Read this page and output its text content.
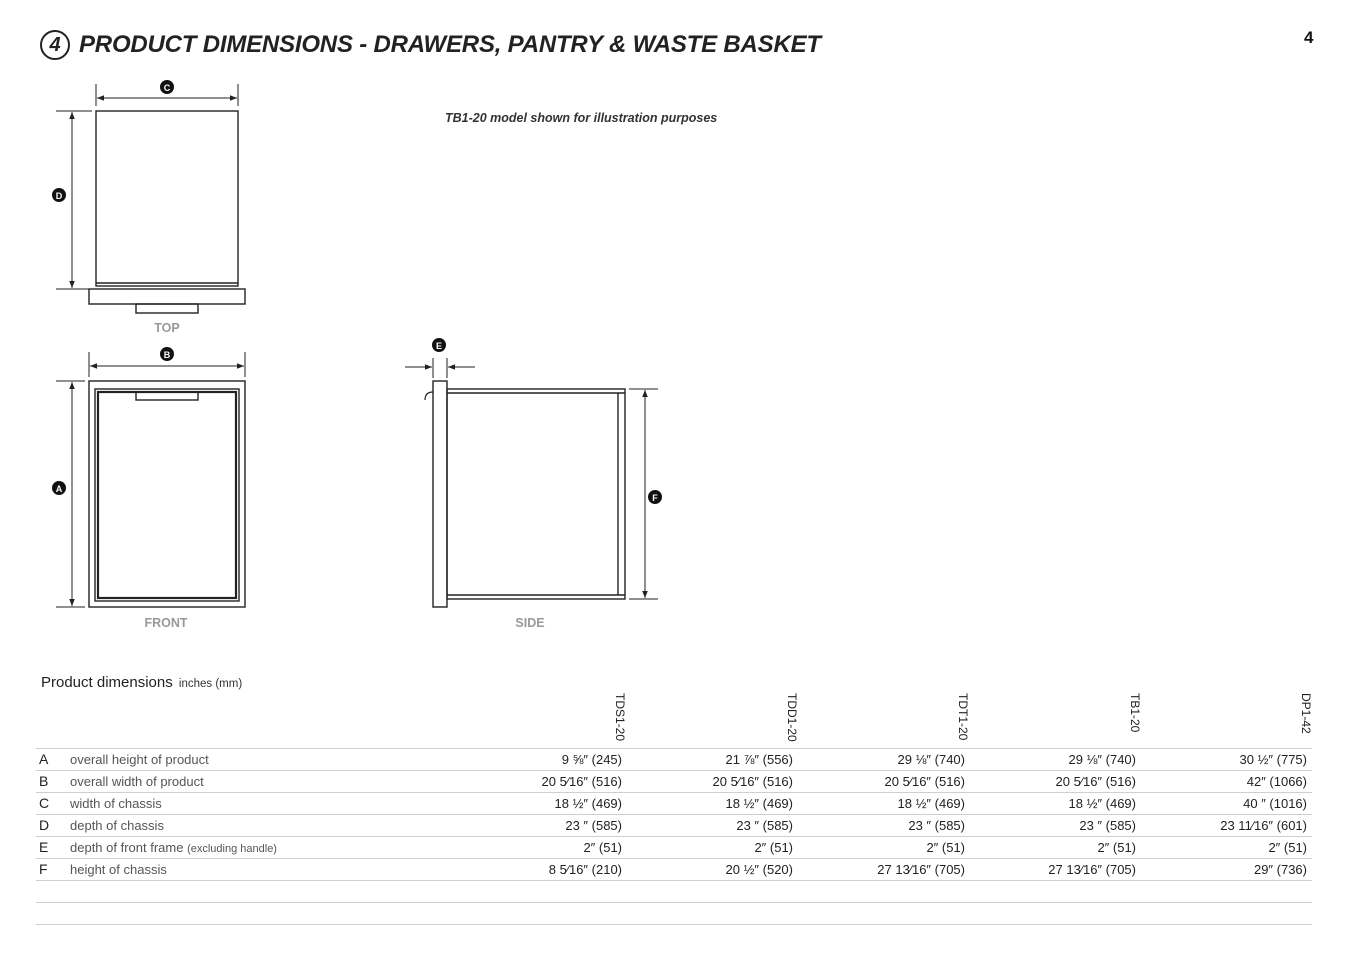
4
4 PRODUCT DIMENSIONS - DRAWERS, PANTRY & WASTE BASKET
TB1-20 model shown for illustration purposes
C
D
B
A
E
F
TOP
FRONT	SIDE
Product dimensions inches (mm)
TDS1-20	TDD1-20	TDT1-20	TB1-20	DP1-42
A overall height of product	9 ⅝″ (245)	21 ⅞″ (556)	29 ⅛″ (740)	29 ⅛″ (740)	30 ½″ (775)
B overall width of product	20 5⁄16″ (516)	20 5⁄16″ (516)	20 5⁄16″ (516)	20 5⁄16″ (516)	42″ (1066)
C width of chassis	18 ½″ (469)	18 ½″ (469)	18 ½″ (469)	18 ½″ (469)	40 ″ (1016)
D depth of chassis	23 ″ (585)	23 ″ (585)	23 ″ (585)	23 ″ (585)	23 11⁄16″ (601)
E depth of front frame (excluding handle)	2″ (51)	2″ (51)	2″ (51)	2″ (51)	2″ (51)
F height of chassis	8 5⁄16″ (210)	20 ½″ (520)	27 13⁄16″ (705)	27 13⁄16″ (705)	29″ (736)
